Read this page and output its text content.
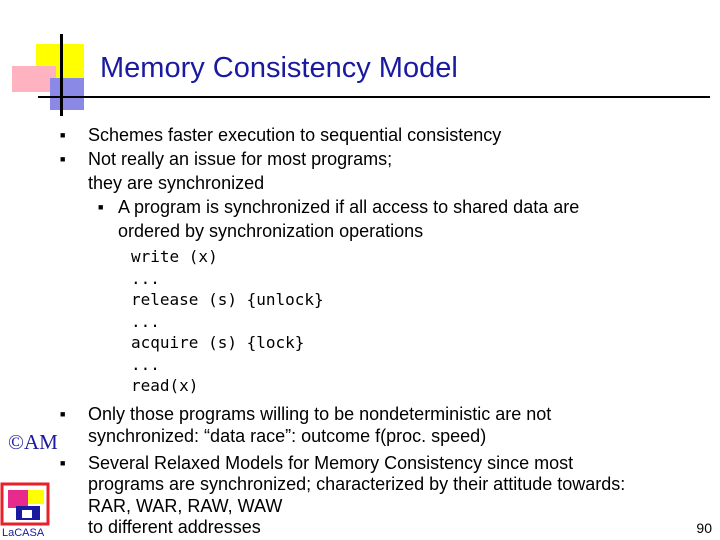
Memory Consistency Model
■ Schemes faster execution to sequential consistency
■ Not really an issue for most programs;
they are synchronized
■ A program is synchronized if all access to shared data are
ordered by synchronization operations
write (x)
...
release (s) {unlock}
...
acquire (s) {lock}
...
read(x)
■ Only those programs willing to be nondeterministic are not
synchronized: “data race”: outcome f(proc. speed)
■ Several Relaxed Models for Memory Consistency since most
programs are synchronized; characterized by their attitude towards:
RAR, WAR, RAW, WAW
to different addresses
©AM
LaCASA	90
